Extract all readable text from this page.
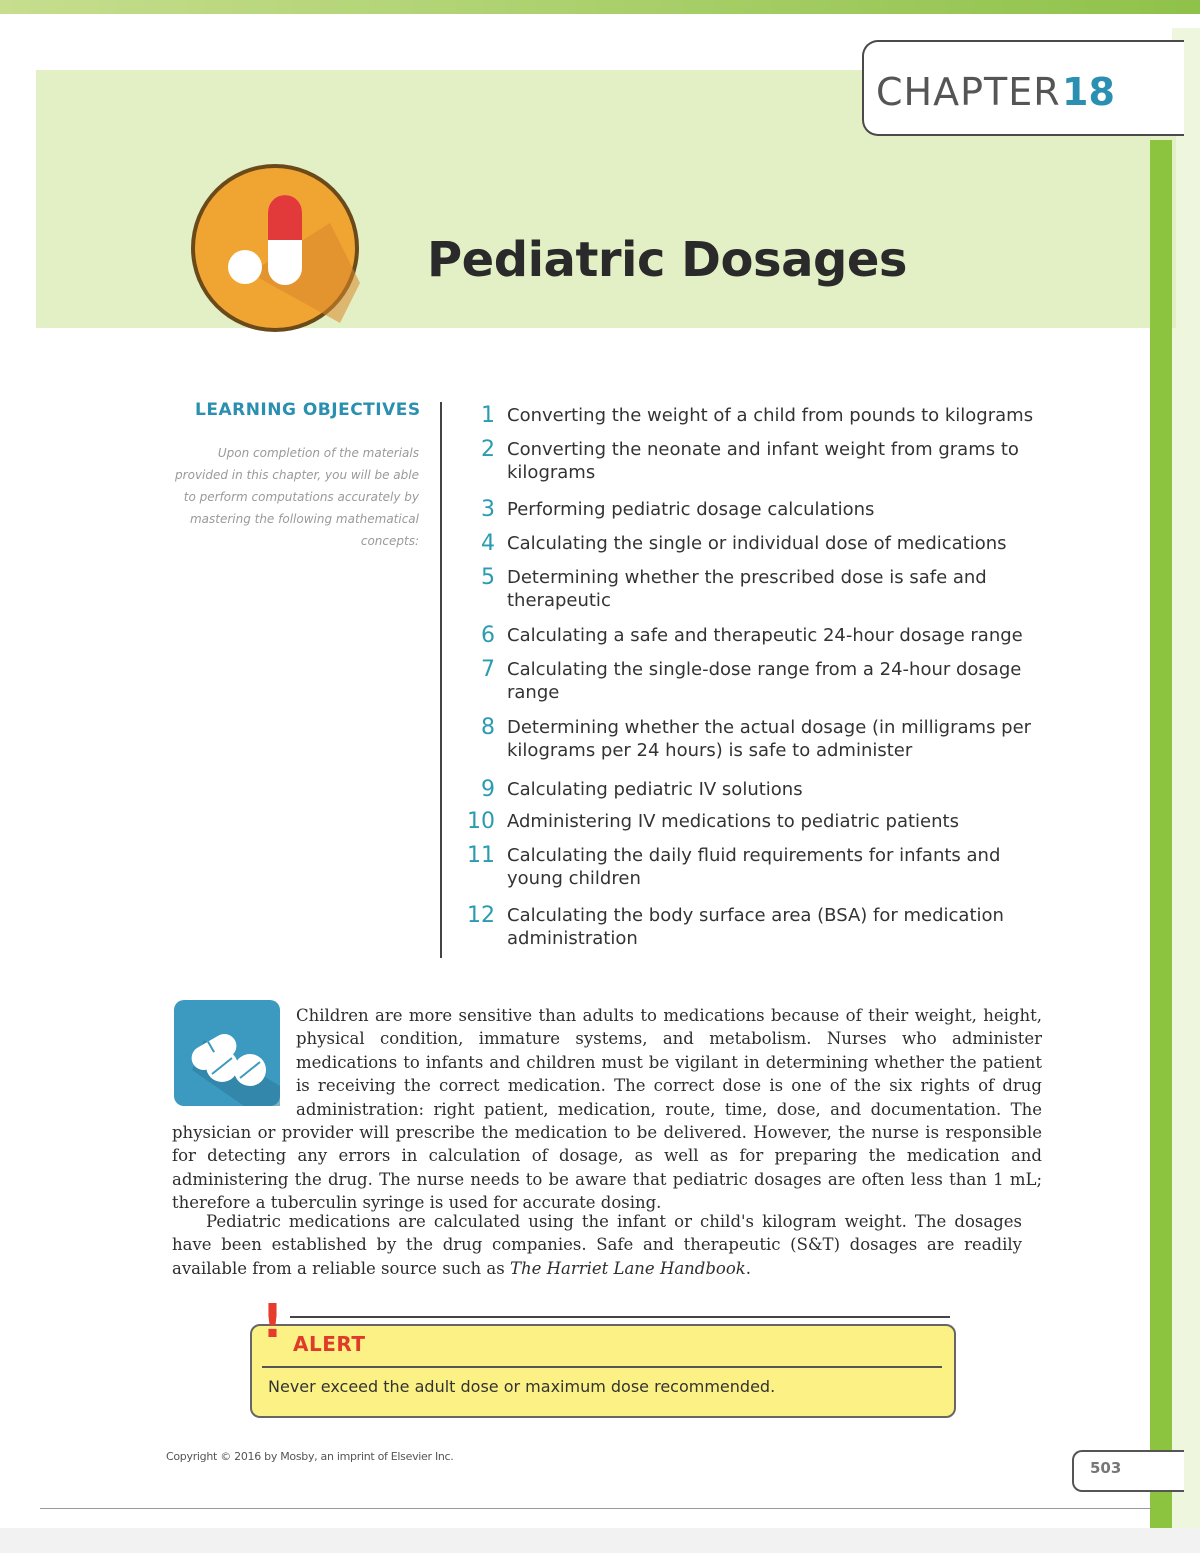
CHAPTER 18
Pediatric Dosages
LEARNING OBJECTIVES
Upon completion of the materials provided in this chapter, you will be able to perform computations accurately by mastering the following mathematical concepts:
1 Converting the weight of a child from pounds to kilograms
2 Converting the neonate and infant weight from grams to kilograms
3 Performing pediatric dosage calculations
4 Calculating the single or individual dose of medications
5 Determining whether the prescribed dose is safe and therapeutic
6 Calculating a safe and therapeutic 24-hour dosage range
7 Calculating the single-dose range from a 24-hour dosage range
8 Determining whether the actual dosage (in milligrams per kilograms per 24 hours) is safe to administer
9 Calculating pediatric IV solutions
10 Administering IV medications to pediatric patients
11 Calculating the daily fluid requirements for infants and young children
12 Calculating the body surface area (BSA) for medication administration
Children are more sensitive than adults to medications because of their weight, height, physical condition, immature systems, and metabolism. Nurses who administer medications to infants and children must be vigilant in determining whether the patient is receiving the correct medication. The correct dose is one of the six rights of drug administration: right patient, medication, route, time, dose, and documentation. The physician or provider will prescribe the medication to be delivered. However, the nurse is responsible for detecting any errors in calculation of dosage, as well as for preparing the medication and administering the drug. The nurse needs to be aware that pediatric dosages are often less than 1 mL; therefore a tuberculin syringe is used for accurate dosing.
Pediatric medications are calculated using the infant or child's kilogram weight. The dosages have been established by the drug companies. Safe and therapeutic (S&T) dosages are readily available from a reliable source such as The Harriet Lane Handbook.
! ALERT
Never exceed the adult dose or maximum dose recommended.
Copyright © 2016 by Mosby, an imprint of Elsevier Inc.
503
